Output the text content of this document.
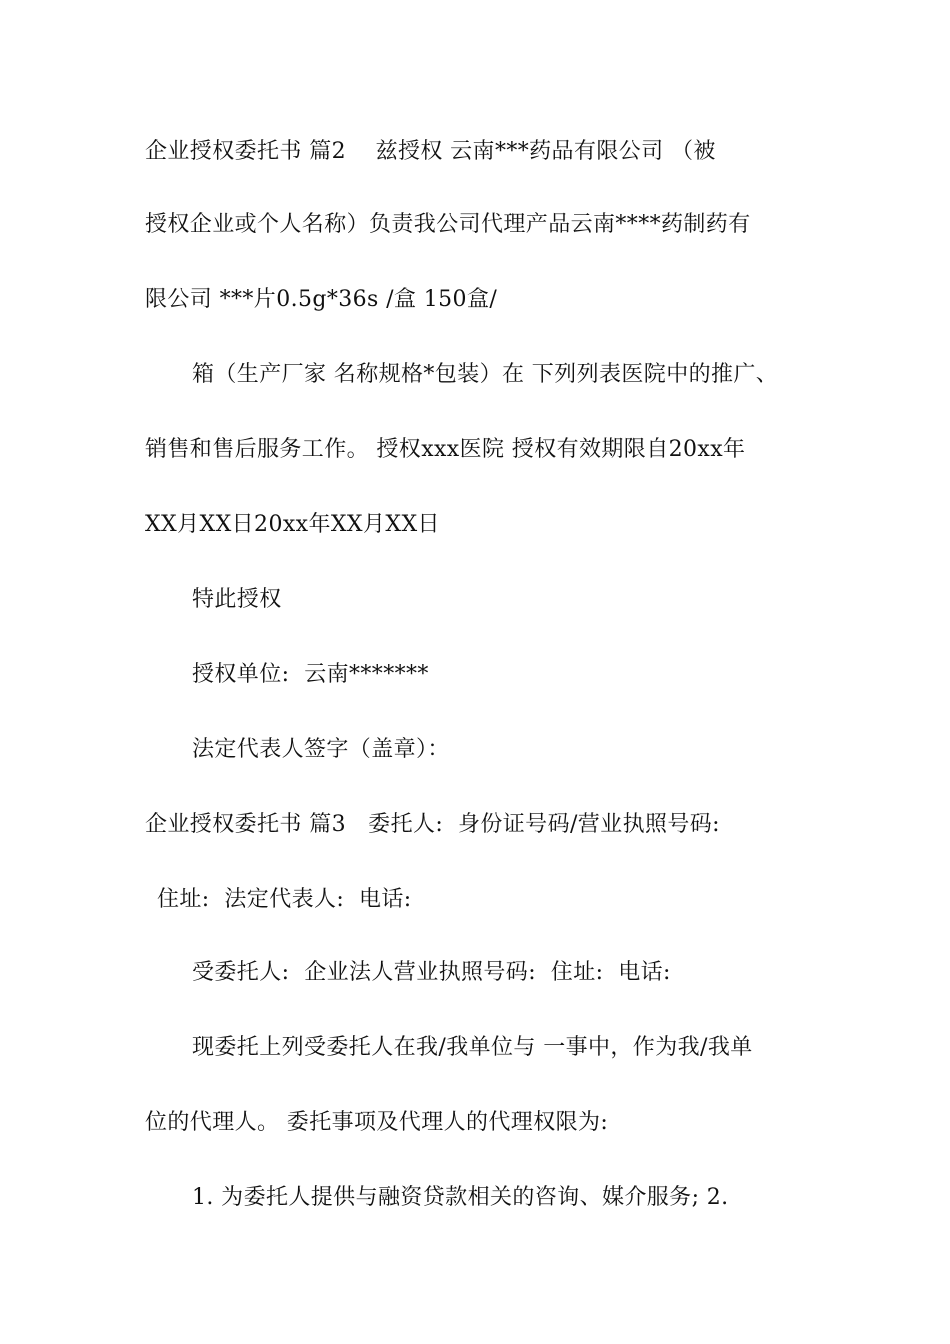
企业授权委托书 篇2    兹授权 云南***药品有限公司 （被
授权企业或个人名称）负责我公司代理产品云南****药制药有
限公司 ***片0.5g*36s /盒 150盒/
箱（生产厂家 名称规格*包装）在 下列列表医院中的推广、
销售和售后服务工作。 授权xxx医院 授权有效期限自20xx年
XX月XX日20xx年XX月XX日
特此授权
授权单位:  云南*******
法定代表人签字（盖章）：
企业授权委托书 篇3   委托人:  身份证号码/营业执照号码:
住址:  法定代表人:  电话:
受委托人:  企业法人营业执照号码:  住址:  电话:
现委托上列受委托人在我/我单位与 一事中，作为我/我单
位的代理人。 委托事项及代理人的代理权限为:
1. 为委托人提供与融资贷款相关的咨询、媒介服务; 2.
